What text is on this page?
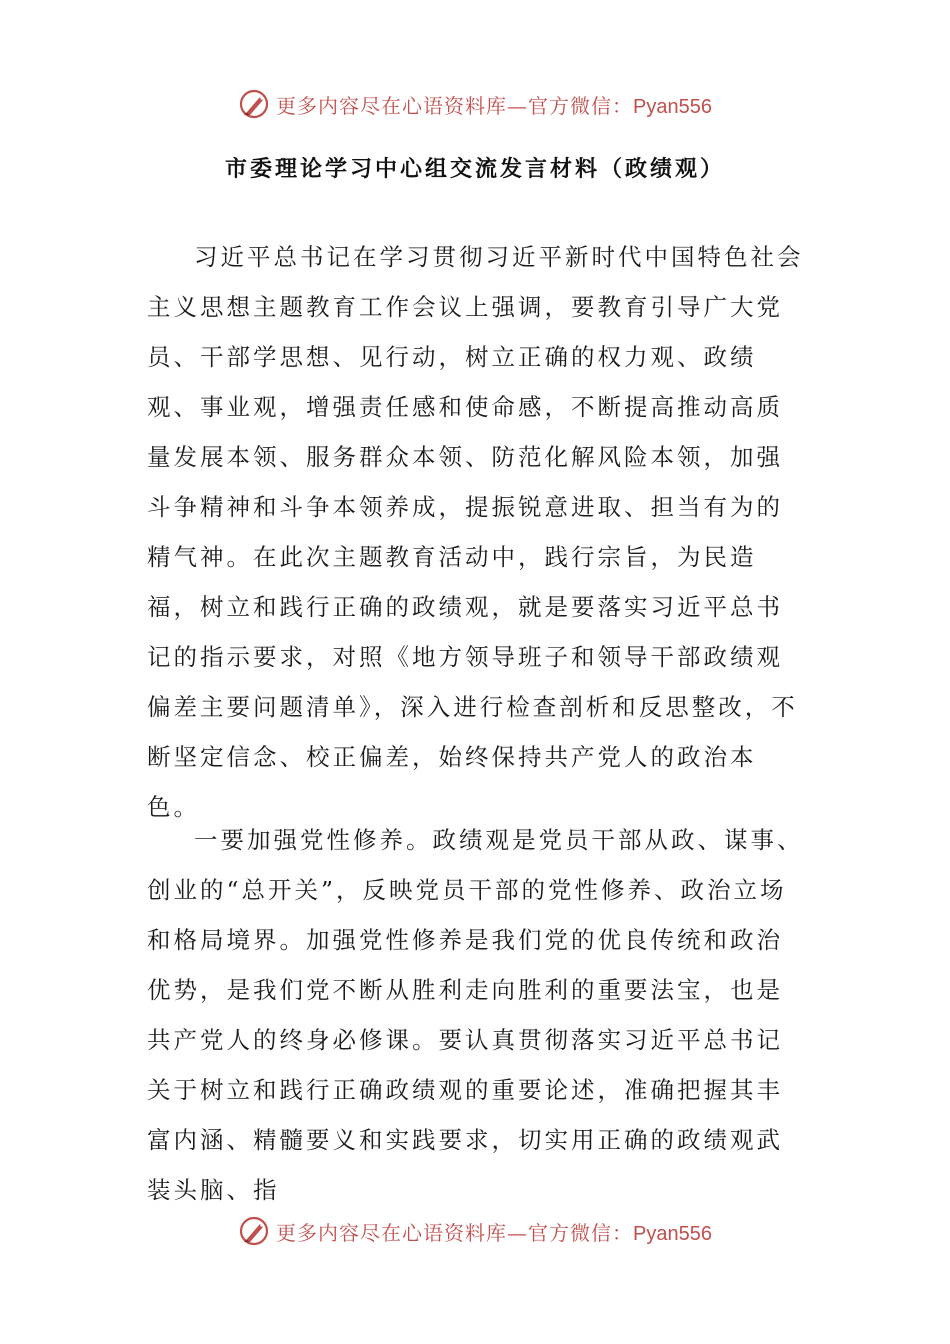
更多内容尽在心语资料库—官方微信：Pyan556
市委理论学习中心组交流发言材料（政绩观）

习近平总书记在学习贯彻习近平新时代中国特色社会主义思想主题教育工作会议上强调，要教育引导广大党员、干部学思想、见行动，树立正确的权力观、政绩观、事业观，增强责任感和使命感，不断提高推动高质量发展本领、服务群众本领、防范化解风险本领，加强斗争精神和斗争本领养成，提振锐意进取、担当有为的精气神。在此次主题教育活动中，践行宗旨，为民造福，树立和践行正确的政绩观，就是要落实习近平总书记的指示要求，对照《地方领导班子和领导干部政绩观偏差主要问题清单》，深入进行检查剖析和反思整改，不断坚定信念、校正偏差，始终保持共产党人的政治本色。

一要加强党性修养。政绩观是党员干部从政、谋事、创业的“总开关”，反映党员干部的党性修养、政治立场和格局境界。加强党性修养是我们党的优良传统和政治优势，是我们党不断从胜利走向胜利的重要法宝，也是共产党人的终身必修课。要认真贯彻落实习近平总书记关于树立和践行正确政绩观的重要论述，准确把握其丰富内涵、精髓要义和实践要求，切实用正确的政绩观武装头脑、指

更多内容尽在心语资料库—官方微信：Pyan556
